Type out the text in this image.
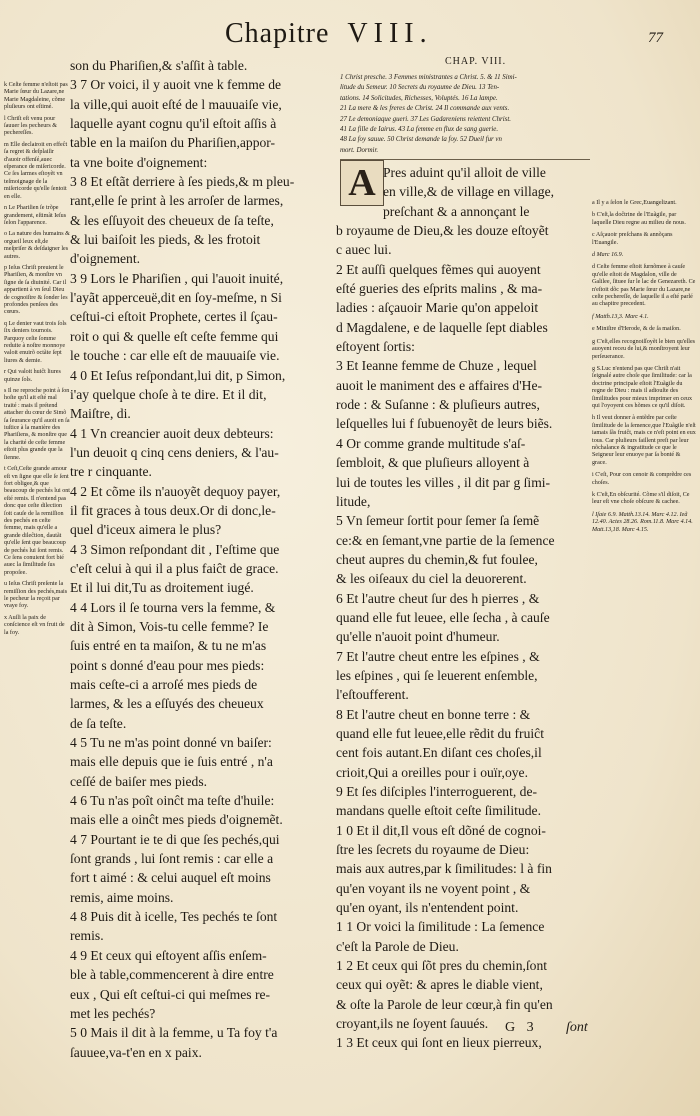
Chapitre VIII.	77

k Ceſte femme n'eſtoit pas Marie ſœur du Lazare,ne Marie Magdaleine, cõme pluſieurs ont eſtimé.

l Chriſt eſt venu pour ſauuer les pecheurs & pechereſſes.

m Elle declairoit en effeĉt ſa regret & deſplaiſir d'auoir offenſé,auec eſperance de miſericorde. Ce ſes larmes eſtoyẽt vn teſmoignage de la miſericorde qu'elle ſentoit en elle.

n Le Phariſien ſe trõpe grandement, eſtimãt Ieſus ſelon l'apparence.

o La nature des humains & orgueil leux eſt,de meſpriſer & deſdaigner les autres.

p Ieſus Chriſt preuient le Phariſien, & monſtre vn ſigne de ſa diuinité. Car il appartient à vn ſeul Dieu de cognoiſtre & ſonder les profondes penſees des cœurs.

q Le denier vaut trois ſols ſix deniers tournois. Parquoy ceſte ſomme reduite à noſtre monnoye valoit enuirõ octãte ſept liures & demie.

r Qui valoit huiĉt liures quinze ſols.

s Il ne reproche point à ſon hoſte qu'il ait eſté mal traité : mais il prétend attacher du cœur de Simõ ſa ſeurance qu'il auoit en ſa iuſtice à la manière des Phariſiens, & monſtre que la charité de ceſte femme eſtoit plus grande que la ſienne.

t Ceſt,Ceſte grande amour eſt vn ſigne que elle ſe ſent fort obligee,& que beaucoup de pechés lui ont eſté remis. Il n'entend pas donc que ceſte dilection ſoit cauſe de la remiſſion des pechés en ceſte femme, mais qu'elle a grande dileĉtion, dautãt qu'elle ſent que beaucoup de pechés lui ſont remis. Ce ſens conuient fort bié auec la ſimilitude ſus propoſee.

u Ieſus Chriſt preſente la remiſſion des pechés,mais le pecheur la reçoit par vraye foy.

x Auſſi la paix de conſcience eſt vn fruit de la foy.

son du Phariſien,& s'aſſit à table.
3 7 Or voici, il y auoit vne k femme de
la ville,qui auoit eſté de l mauuaiſe vie,
laquelle ayant cognu qu'il eſtoit aſſis à
table en la maiſon du Phariſien,appor-
ta vne boite d'oignement:
3 8 Et eſtãt derriere à ſes pieds,& m pleu-
rant,elle ſe print à les arroſer de larmes,
& les eſſuyoit des cheueux de ſa teſte,
& lui baiſoit les pieds, & les frotoit
d'oignement.
3 9 Lors le Phariſien , qui l'auoit inuité,
l'ayãt apperceuë,dit en ſoy-meſme, n Si
ceſtui-ci eſtoit Prophete, certes il ſçau-
roit o qui & quelle eſt ceſte femme qui
le touche : car elle eſt de mauuaiſe vie.
4 0 Et Ieſus reſpondant,lui dit, p Simon,
i'ay quelque choſe à te dire. Et il dit,
Maiſtre, di.
4 1 Vn creancier auoit deux debteurs:
l'un deuoit q cinq cens deniers, & l'au-
tre r cinquante.
4 2 Et cõme ils n'auoyẽt dequoy payer,
il fit graces à tous deux.Or di donc,le-
quel d'iceux aimera le plus?
4 3 Simon reſpondant dit , I'eſtime que
c'eſt celui à qui il a plus faiĉt de grace.
Et il lui dit,Tu as droitement iugé.
4 4 Lors il ſe tourna vers la femme, &
dit à Simon, Vois-tu celle femme? Ie
ſuis entré en ta maiſon, & tu ne m'as
point s donné d'eau pour mes pieds:
mais ceſte-ci a arroſé mes pieds de
larmes, & les a eſſuyés des cheueux
de ſa teſte.
4 5 Tu ne m'as point donné vn baiſer:
mais elle depuis que ie ſuis entré , n'a
ceſſé de baiſer mes pieds.
4 6 Tu n'as poît oinĉt ma teſte d'huile:
mais elle a oinĉt mes pieds d'oignemẽt.
4 7 Pourtant ie te di que ſes pechés,qui
ſont grands , lui ſont remis : car elle a
fort t aimé : & celui auquel eſt moins
remis, aime moins.
4 8 Puis dit à icelle, Tes pechés te ſont
remis.
4 9 Et ceux qui eſtoyent aſſis enſem-
ble à table,commencerent à dire entre
eux , Qui eſt ceſtui-ci qui meſmes re-
met les pechés?
5 0 Mais il dit à la femme, u Ta foy t'a
ſauuee,va-t'en en x paix.
CHAP. VIII.
1 Christ presche. 3 Femmes ministrantes a Christ. 5. & 11 Simi-
litude du Semeur. 10 Secrets du royaume de Dieu. 13 Ten-
tations. 14 Solicitudes, Richesses, Voluptés. 16 La lampe.
21 La mere & les freres de Christ. 24 Il commande aux vents.
27 Le demoniaque gueri. 37 Les Gadareniens reiettent Christ.
41 La fille de Iairus. 43 La femme en flux de sang guerie.
48 La foy sauue. 50 Christ demande la foy. 52 Dueil fur vn
mort. Dormir.
A Pres aduint qu'il alloit de ville
en ville,& de village en village,
preſchant & a annonçant le
b royaume de Dieu,& les douze eſtoyẽt
c auec lui.
2 Et auſſi quelques fẽmes qui auoyent
eſté gueries des eſprits malins , & ma-
ladies : aſçauoir Marie qu'on appeloit
d Magdalene, e de laquelle ſept diables
eſtoyent ſortis:
3 Et Ieanne femme de Chuze , lequel
auoit le maniment des e affaires d'He-
rode : & Suſanne : & pluſieurs autres,
leſquelles lui f ſubuenoyẽt de leurs biẽs.
4 Or comme grande multitude s'aſ-
ſembloit, & que pluſieurs alloyent à
lui de toutes les villes , il dit par g ſimi-
litude,
5 Vn ſemeur ſortit pour ſemer ſa ſemẽ
ce:& en ſemant,vne partie de la ſemence
cheut aupres du chemin,& fut foulee,
& les oiſeaux du ciel la deuorerent.
6 Et l'autre cheut ſur des h pierres , &
quand elle fut leuee, elle ſecha , à cauſe
qu'elle n'auoit point d'humeur.
7 Et l'autre cheut entre les eſpines , &
les eſpines , qui ſe leuerent enſemble,
l'eſtoufferent.
8 Et l'autre cheut en bonne terre : &
quand elle fut leuee,elle rẽdit du fruiĉt
cent fois autant.En diſant ces choſes,il
crioit,Qui a oreilles pour i ouïr,oye.
9 Et ſes diſciples l'interroguerent, de-
mandans quelle eſtoit ceſte ſimilitude.
1 0 Et il dit,Il vous eſt dõné de cognoi-
ſtre les ſecrets du royaume de Dieu:
mais aux autres,par k ſimilitudes: l à fin
qu'en voyant ils ne voyent point , &
qu'en oyant, ils n'entendent point.
1 1 Or voici la ſimilitude : La ſemence
c'eſt la Parole de Dieu.
1 2 Et ceux qui ſõt pres du chemin,ſont
ceux qui oyẽt: & apres le diable vient,
& oſte la Parole de leur cœur,à fin qu'en
croyant,ils ne ſoyent ſauués.
1 3 Et ceux qui ſont en lieux pierreux,

a Il y a ſelon le Grec,Euangelizant.

b C'eſt,la doĉtrine de l'Euãgile, par laquelle Dieu regne au milieu de nous.

c Aſçauoir preſchans & annõçans l'Euangile.

d Marc 16.9.

d Ceſte femme eſtoit ſurnõmee à cauſe qu'elle eſtoit de Magdalon, ville de Galilee, ſituee ſur le lac de Genezareth. Ce n'eſtoit dõc pas Marie ſœur du Lazare,ne ceſte pechereſſe, de laquelle il a eſté parlé au chapitre precedent.

f Matth.13,3. Marc 4.1.

e Miniſtre d'Herode, & de ſa maiſon.

g C'eſt,elles recognoiſſoyẽt le bien qu'elles auoyent receu de lui,& monſtroyent leur perſeuerance.

g S.Luc n'entend pas que Chriſt n'ait ſeignalé autre choſe que ſimilitude: car la doctrine principale eſtoit l'Euãgile du regne de Dieu : mais il adiouſte des ſimilitudes pour mieux imprimer en ceux qui l'oyoyent ces hõmes ce qu'il diſoit.

h Il veut donner à entẽdre par ceſte ſimilitude de la ſemence,que l'Euãgile n'eſt iamais ſãs fruiĉt, mais ce n'eſt point en eux tous. Car pluſieurs faillent preſt par leur nõchalance & ingratitude ce que le Seigneur leur enuoye par ſa bonté & grace.

i C'eſt, Pour con cenoir & comprẽdre ces choſes.

k C'eſt,En obſcurité. Cõme s'il diſoit, Ce leur eſt vne choſe obſcure & cachee.

l Iſaie 6.9. Matth.13.14. Marc 4.12. Ieã 12.40. Actes 28.26. Rom.11.8. Marc 4.14. Matt.13,18. Marc 4.15.

G 3 ſont
